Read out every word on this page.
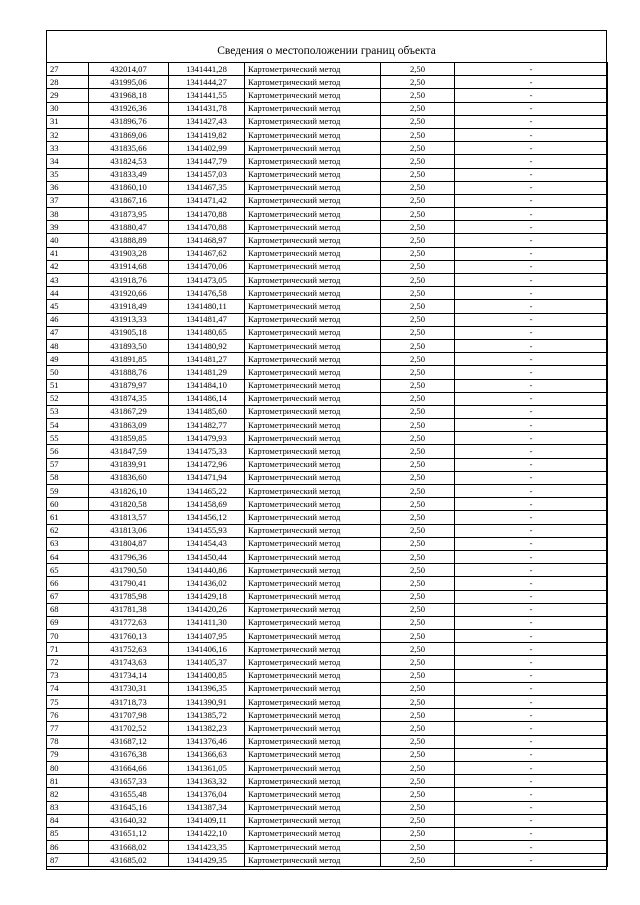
Сведения о местоположении границ объекта
27	432014,07	1341441,28	Картометрический метод	2,50	-
28	431995,06	1341444,27	Картометрический метод	2,50	-
29	431968,18	1341441,55	Картометрический метод	2,50	-
30	431926,36	1341431,78	Картометрический метод	2,50	-
31	431896,76	1341427,43	Картометрический метод	2,50	-
32	431869,06	1341419,82	Картометрический метод	2,50	-
33	431835,66	1341402,99	Картометрический метод	2,50	-
34	431824,53	1341447,79	Картометрический метод	2,50	-
35	431833,49	1341457,03	Картометрический метод	2,50	-
36	431860,10	1341467,35	Картометрический метод	2,50	-
37	431867,16	1341471,42	Картометрический метод	2,50	-
38	431873,95	1341470,88	Картометрический метод	2,50	-
39	431880,47	1341470,88	Картометрический метод	2,50	-
40	431888,89	1341468,97	Картометрический метод	2,50	-
41	431903,28	1341467,62	Картометрический метод	2,50	-
42	431914,68	1341470,06	Картометрический метод	2,50	-
43	431918,76	1341473,05	Картометрический метод	2,50	-
44	431920,66	1341476,58	Картометрический метод	2,50	-
45	431918,49	1341480,11	Картометрический метод	2,50	-
46	431913,33	1341481,47	Картометрический метод	2,50	-
47	431905,18	1341480,65	Картометрический метод	2,50	-
48	431893,50	1341480,92	Картометрический метод	2,50	-
49	431891,85	1341481,27	Картометрический метод	2,50	-
50	431888,76	1341481,29	Картометрический метод	2,50	-
51	431879,97	1341484,10	Картометрический метод	2,50	-
52	431874,35	1341486,14	Картометрический метод	2,50	-
53	431867,29	1341485,60	Картометрический метод	2,50	-
54	431863,09	1341482,77	Картометрический метод	2,50	-
55	431859,85	1341479,93	Картометрический метод	2,50	-
56	431847,59	1341475,33	Картометрический метод	2,50	-
57	431839,91	1341472,96	Картометрический метод	2,50	-
58	431836,60	1341471,94	Картометрический метод	2,50	-
59	431826,10	1341465,22	Картометрический метод	2,50	-
60	431820,58	1341458,69	Картометрический метод	2,50	-
61	431813,57	1341456,12	Картометрический метод	2,50	-
62	431813,06	1341455,93	Картометрический метод	2,50	-
63	431804,87	1341454,43	Картометрический метод	2,50	-
64	431796,36	1341450,44	Картометрический метод	2,50	-
65	431790,50	1341440,86	Картометрический метод	2,50	-
66	431790,41	1341436,02	Картометрический метод	2,50	-
67	431785,98	1341429,18	Картометрический метод	2,50	-
68	431781,38	1341420,26	Картометрический метод	2,50	-
69	431772,63	1341411,30	Картометрический метод	2,50	-
70	431760,13	1341407,95	Картометрический метод	2,50	-
71	431752,63	1341406,16	Картометрический метод	2,50	-
72	431743,63	1341405,37	Картометрический метод	2,50	-
73	431734,14	1341400,85	Картометрический метод	2,50	-
74	431730,31	1341396,35	Картометрический метод	2,50	-
75	431718,73	1341390,91	Картометрический метод	2,50	-
76	431707,98	1341385,72	Картометрический метод	2,50	-
77	431702,52	1341382,23	Картометрический метод	2,50	-
78	431687,12	1341376,46	Картометрический метод	2,50	-
79	431676,38	1341366,63	Картометрический метод	2,50	-
80	431664,66	1341361,05	Картометрический метод	2,50	-
81	431657,33	1341363,32	Картометрический метод	2,50	-
82	431655,48	1341376,04	Картометрический метод	2,50	-
83	431645,16	1341387,34	Картометрический метод	2,50	-
84	431640,32	1341409,11	Картометрический метод	2,50	-
85	431651,12	1341422,10	Картометрический метод	2,50	-
86	431668,02	1341423,35	Картометрический метод	2,50	-
87	431685,02	1341429,35	Картометрический метод	2,50	-
